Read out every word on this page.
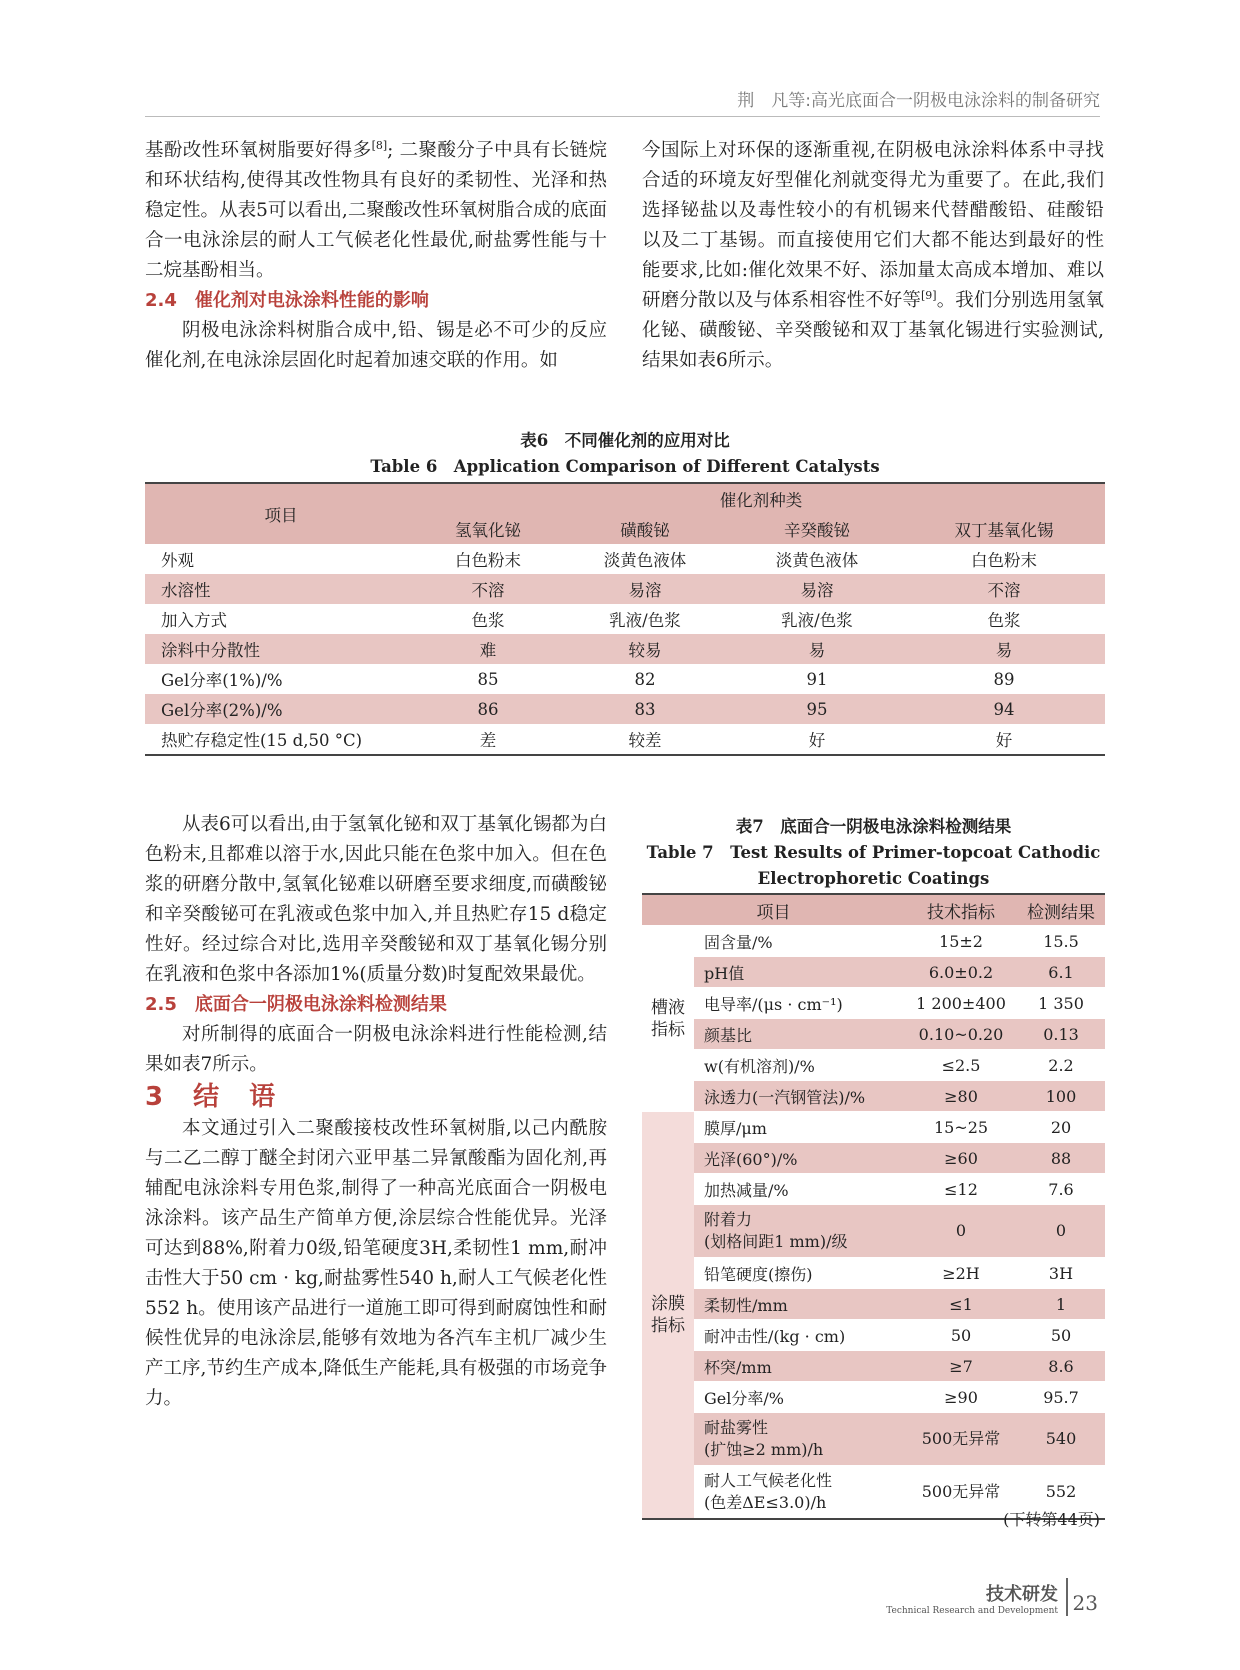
荆　凡等:高光底面合一阴极电泳涂料的制备研究

基酚改性环氧树脂要好得多[8]; 二聚酸分子中具有长链烷和环状结构,使得其改性物具有良好的柔韧性、光泽和热稳定性。从表5可以看出,二聚酸改性环氧树脂合成的底面合一电泳涂层的耐人工气候老化性最优,耐盐雾性能与十二烷基酚相当。

2.4　催化剂对电泳涂料性能的影响

阴极电泳涂料树脂合成中,铅、锡是必不可少的反应催化剂,在电泳涂层固化时起着加速交联的作用。如

今国际上对环保的逐渐重视,在阴极电泳涂料体系中寻找合适的环境友好型催化剂就变得尤为重要了。在此,我们选择铋盐以及毒性较小的有机锡来代替醋酸铅、硅酸铅以及二丁基锡。而直接使用它们大都不能达到最好的性能要求,比如:催化效果不好、添加量太高成本增加、难以研磨分散以及与体系相容性不好等[9]。我们分别选用氢氧化铋、磺酸铋、辛癸酸铋和双丁基氧化锡进行实验测试,结果如表6所示。

表6　不同催化剂的应用对比
Table 6　Application Comparison of Different Catalysts
项目	催化剂种类			
	氢氧化铋	磺酸铋	辛癸酸铋	双丁基氧化锡
外观	白色粉末	淡黄色液体	淡黄色液体	白色粉末
水溶性	不溶	易溶	易溶	不溶
加入方式	色浆	乳液/色浆	乳液/色浆	色浆
涂料中分散性	难	较易	易	易
Gel分率(1%)/%	85	82	91	89
Gel分率(2%)/%	86	83	95	94
热贮存稳定性(15 d,50 °C)	差	较差	好	好

从表6可以看出,由于氢氧化铋和双丁基氧化锡都为白色粉末,且都难以溶于水,因此只能在色浆中加入。但在色浆的研磨分散中,氢氧化铋难以研磨至要求细度,而磺酸铋和辛癸酸铋可在乳液或色浆中加入,并且热贮存15 d稳定性好。经过综合对比,选用辛癸酸铋和双丁基氧化锡分别在乳液和色浆中各添加1%(质量分数)时复配效果最优。

2.5　底面合一阴极电泳涂料检测结果

对所制得的底面合一阴极电泳涂料进行性能检测,结果如表7所示。

3　结　语

本文通过引入二聚酸接枝改性环氧树脂,以己内酰胺与二乙二醇丁醚全封闭六亚甲基二异氰酸酯为固化剂,再辅配电泳涂料专用色浆,制得了一种高光底面合一阴极电泳涂料。该产品生产简单方便,涂层综合性能优异。光泽可达到88%,附着力0级,铅笔硬度3H,柔韧性1 mm,耐冲击性大于50 cm · kg,耐盐雾性540 h,耐人工气候老化性552 h。使用该产品进行一道施工即可得到耐腐蚀性和耐候性优异的电泳涂层,能够有效地为各汽车主机厂减少生产工序,节约生产成本,降低生产能耗,具有极强的市场竞争力。

表7　底面合一阴极电泳涂料检测结果
Table 7　Test Results of Primer-topcoat Cathodic
Electrophoretic Coatings
项目		技术指标	检测结果
槽液指标	固含量/%	15±2	15.5
	pH值	6.0±0.2	6.1
	电导率/(μs · cm⁻¹)	1 200±400	1 350
	颜基比	0.10~0.20	0.13
	w(有机溶剂)/%	≤2.5	2.2
	泳透力(一汽钢管法)/%	≥80	100
涂膜指标	膜厚/μm	15~25	20
	光泽(60°)/%	≥60	88
	加热减量/%	≤12	7.6
	附着力
(划格间距1 mm)/级	0	0
	铅笔硬度(擦伤)	≥2H	3H
	柔韧性/mm	≤1	1
	耐冲击性/(kg · cm)	50	50
	杯突/mm	≥7	8.6
	Gel分率/%	≥90	95.7
	耐盐雾性
(扩蚀≥2 mm)/h	500无异常	540
	耐人工气候老化性
(色差ΔE≤3.0)/h	500无异常	552
(下转第44页)
技术研发
Technical Research and Development 23
